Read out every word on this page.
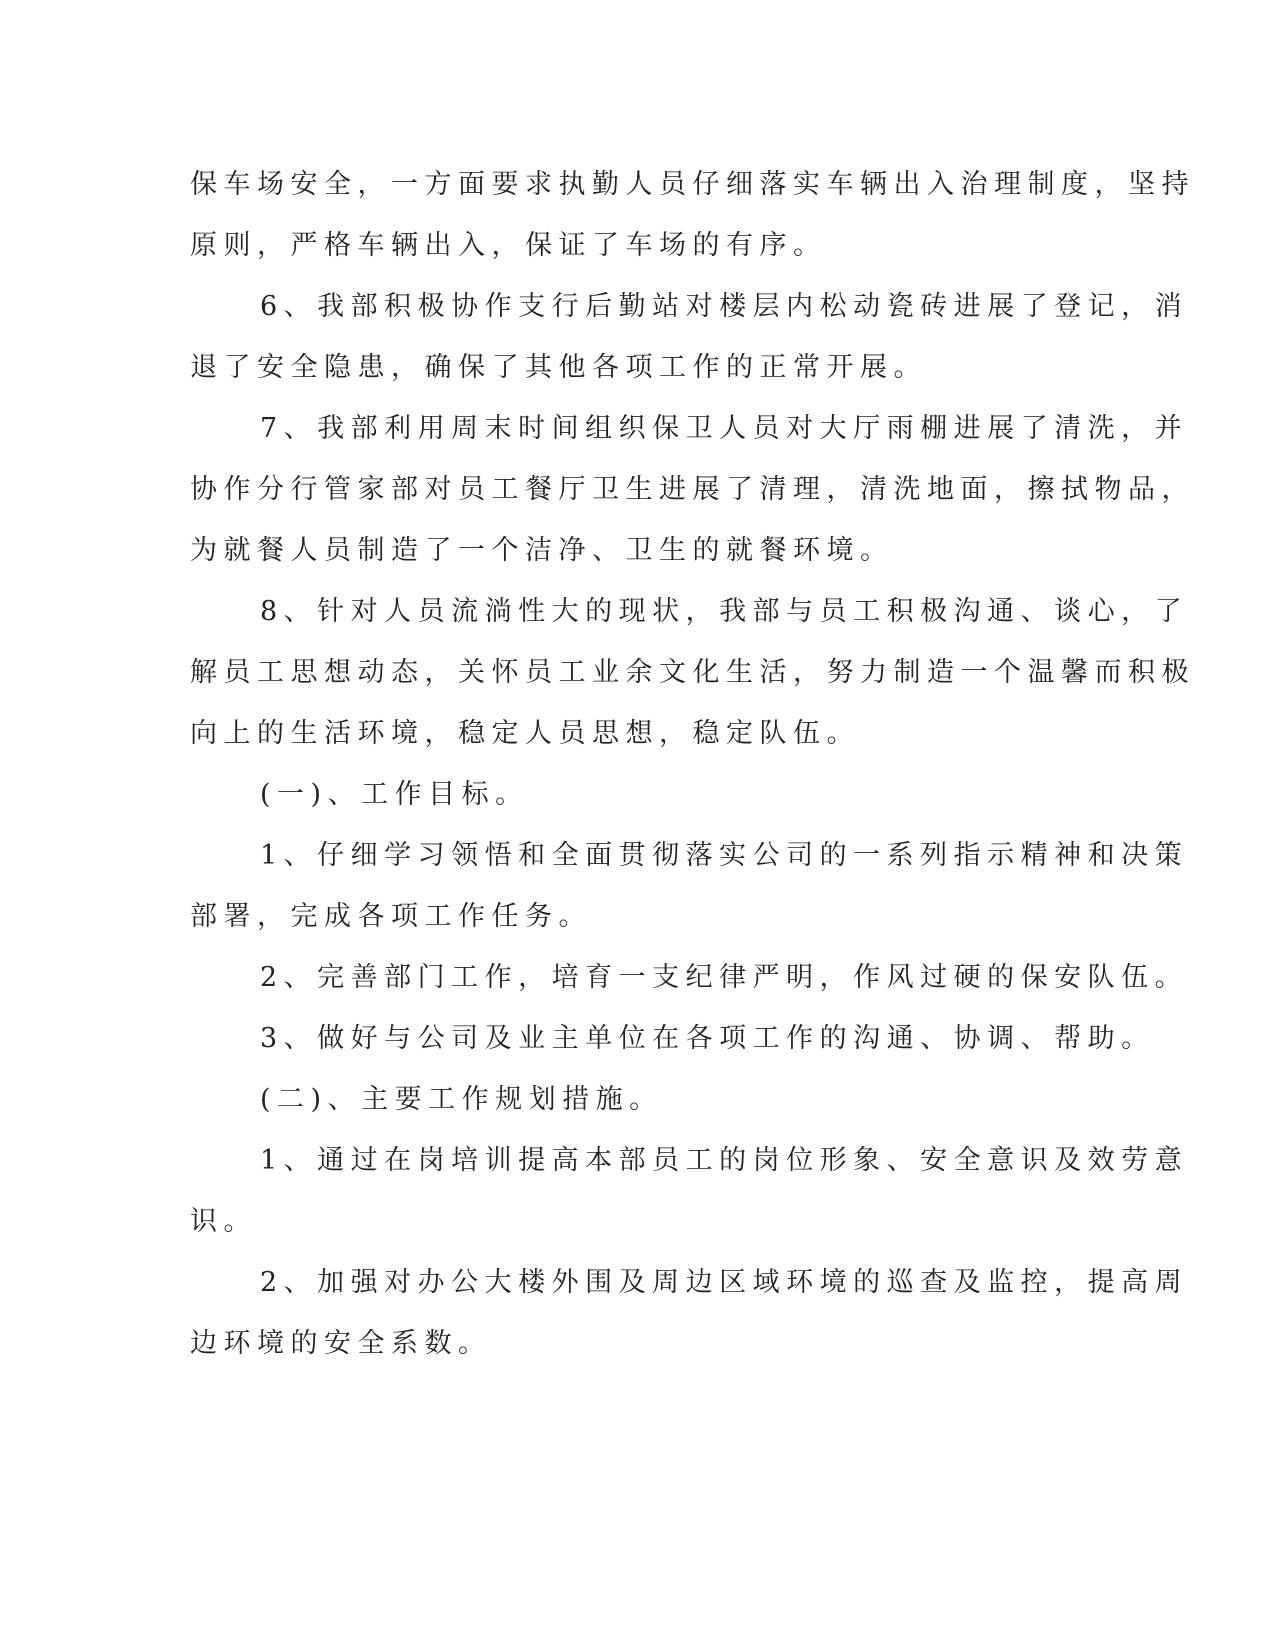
保车场安全，一方面要求执勤人员仔细落实车辆出入治理制度，坚持
原则，严格车辆出入，保证了车场的有序。
6、我部积极协作支行后勤站对楼层内松动瓷砖进展了登记，消
退了安全隐患，确保了其他各项工作的正常开展。
7、我部利用周末时间组织保卫人员对大厅雨棚进展了清洗，并
协作分行管家部对员工餐厅卫生进展了清理，清洗地面，擦拭物品，
为就餐人员制造了一个洁净、卫生的就餐环境。
8、针对人员流淌性大的现状，我部与员工积极沟通、谈心，了
解员工思想动态，关怀员工业余文化生活，努力制造一个温馨而积极
向上的生活环境，稳定人员思想，稳定队伍。
(一)、工作目标。
1、仔细学习领悟和全面贯彻落实公司的一系列指示精神和决策
部署，完成各项工作任务。
2、完善部门工作，培育一支纪律严明，作风过硬的保安队伍。
3、做好与公司及业主单位在各项工作的沟通、协调、帮助。
(二)、主要工作规划措施。
1、通过在岗培训提高本部员工的岗位形象、安全意识及效劳意
识。
2、加强对办公大楼外围及周边区域环境的巡查及监控，提高周
边环境的安全系数。
